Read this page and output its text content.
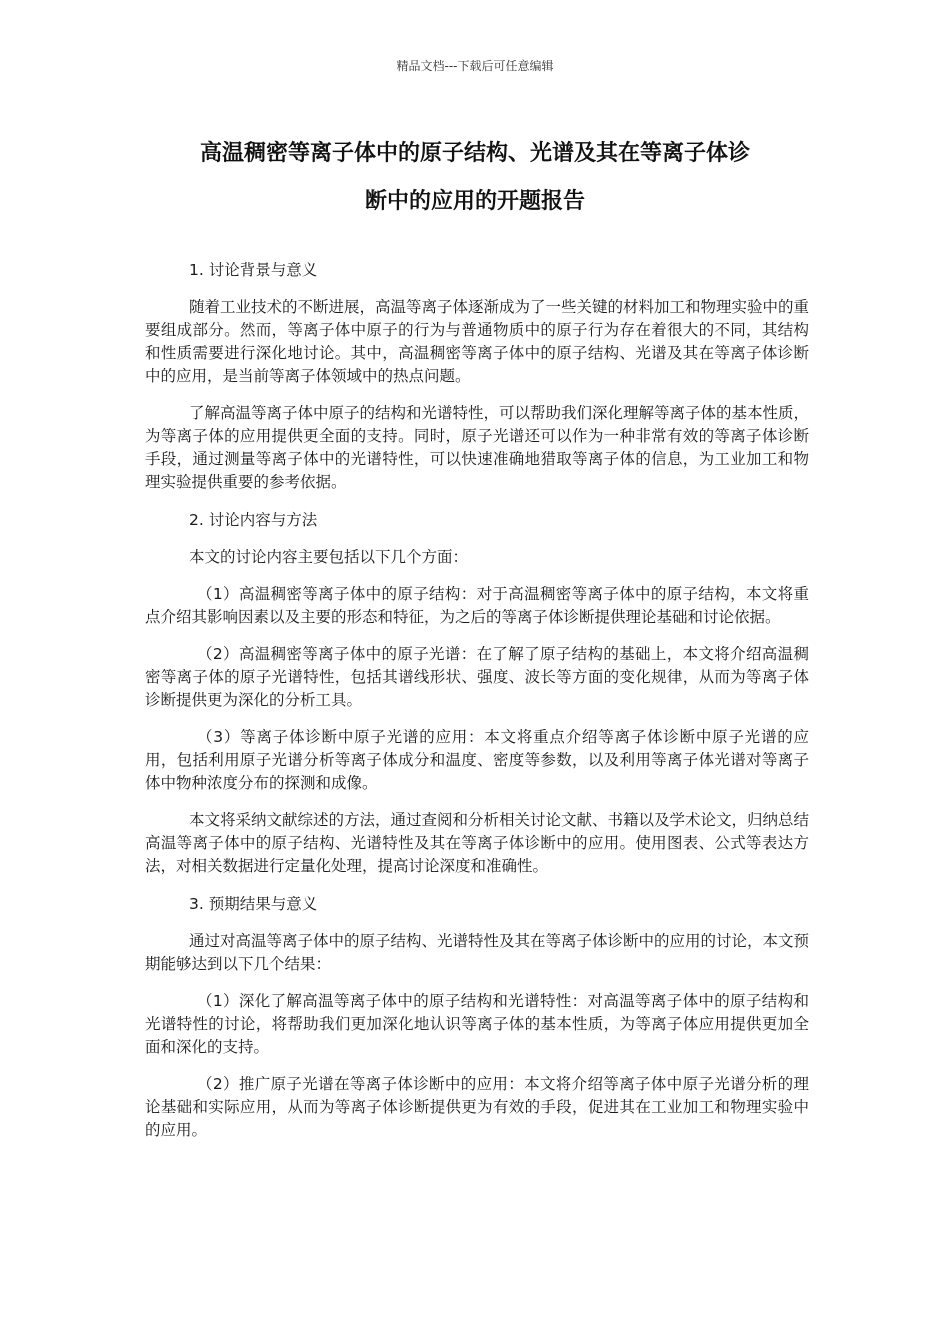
精品文档---下载后可任意编辑
高温稠密等离子体中的原子结构、光谱及其在等离子体诊
断中的应用的开题报告

1. 讨论背景与意义

随着工业技术的不断进展，高温等离子体逐渐成为了一些关键的材料加工和物理实验中的重要组成部分。然而，等离子体中原子的行为与普通物质中的原子行为存在着很大的不同，其结构和性质需要进行深化地讨论。其中，高温稠密等离子体中的原子结构、光谱及其在等离子体诊断中的应用，是当前等离子体领域中的热点问题。

了解高温等离子体中原子的结构和光谱特性，可以帮助我们深化理解等离子体的基本性质，为等离子体的应用提供更全面的支持。同时，原子光谱还可以作为一种非常有效的等离子体诊断手段，通过测量等离子体中的光谱特性，可以快速准确地猎取等离子体的信息，为工业加工和物理实验提供重要的参考依据。

2. 讨论内容与方法

本文的讨论内容主要包括以下几个方面：

（1）高温稠密等离子体中的原子结构：对于高温稠密等离子体中的原子结构，本文将重点介绍其影响因素以及主要的形态和特征，为之后的等离子体诊断提供理论基础和讨论依据。

（2）高温稠密等离子体中的原子光谱：在了解了原子结构的基础上，本文将介绍高温稠密等离子体的原子光谱特性，包括其谱线形状、强度、波长等方面的变化规律，从而为等离子体诊断提供更为深化的分析工具。

（3）等离子体诊断中原子光谱的应用：本文将重点介绍等离子体诊断中原子光谱的应用，包括利用原子光谱分析等离子体成分和温度、密度等参数，以及利用等离子体光谱对等离子体中物种浓度分布的探测和成像。

本文将采纳文献综述的方法，通过查阅和分析相关讨论文献、书籍以及学术论文，归纳总结高温等离子体中的原子结构、光谱特性及其在等离子体诊断中的应用。使用图表、公式等表达方法，对相关数据进行定量化处理，提高讨论深度和准确性。

3. 预期结果与意义

通过对高温等离子体中的原子结构、光谱特性及其在等离子体诊断中的应用的讨论，本文预期能够达到以下几个结果：

（1）深化了解高温等离子体中的原子结构和光谱特性：对高温等离子体中的原子结构和光谱特性的讨论，将帮助我们更加深化地认识等离子体的基本性质，为等离子体应用提供更加全面和深化的支持。

（2）推广原子光谱在等离子体诊断中的应用：本文将介绍等离子体中原子光谱分析的理论基础和实际应用，从而为等离子体诊断提供更为有效的手段，促进其在工业加工和物理实验中的应用。
